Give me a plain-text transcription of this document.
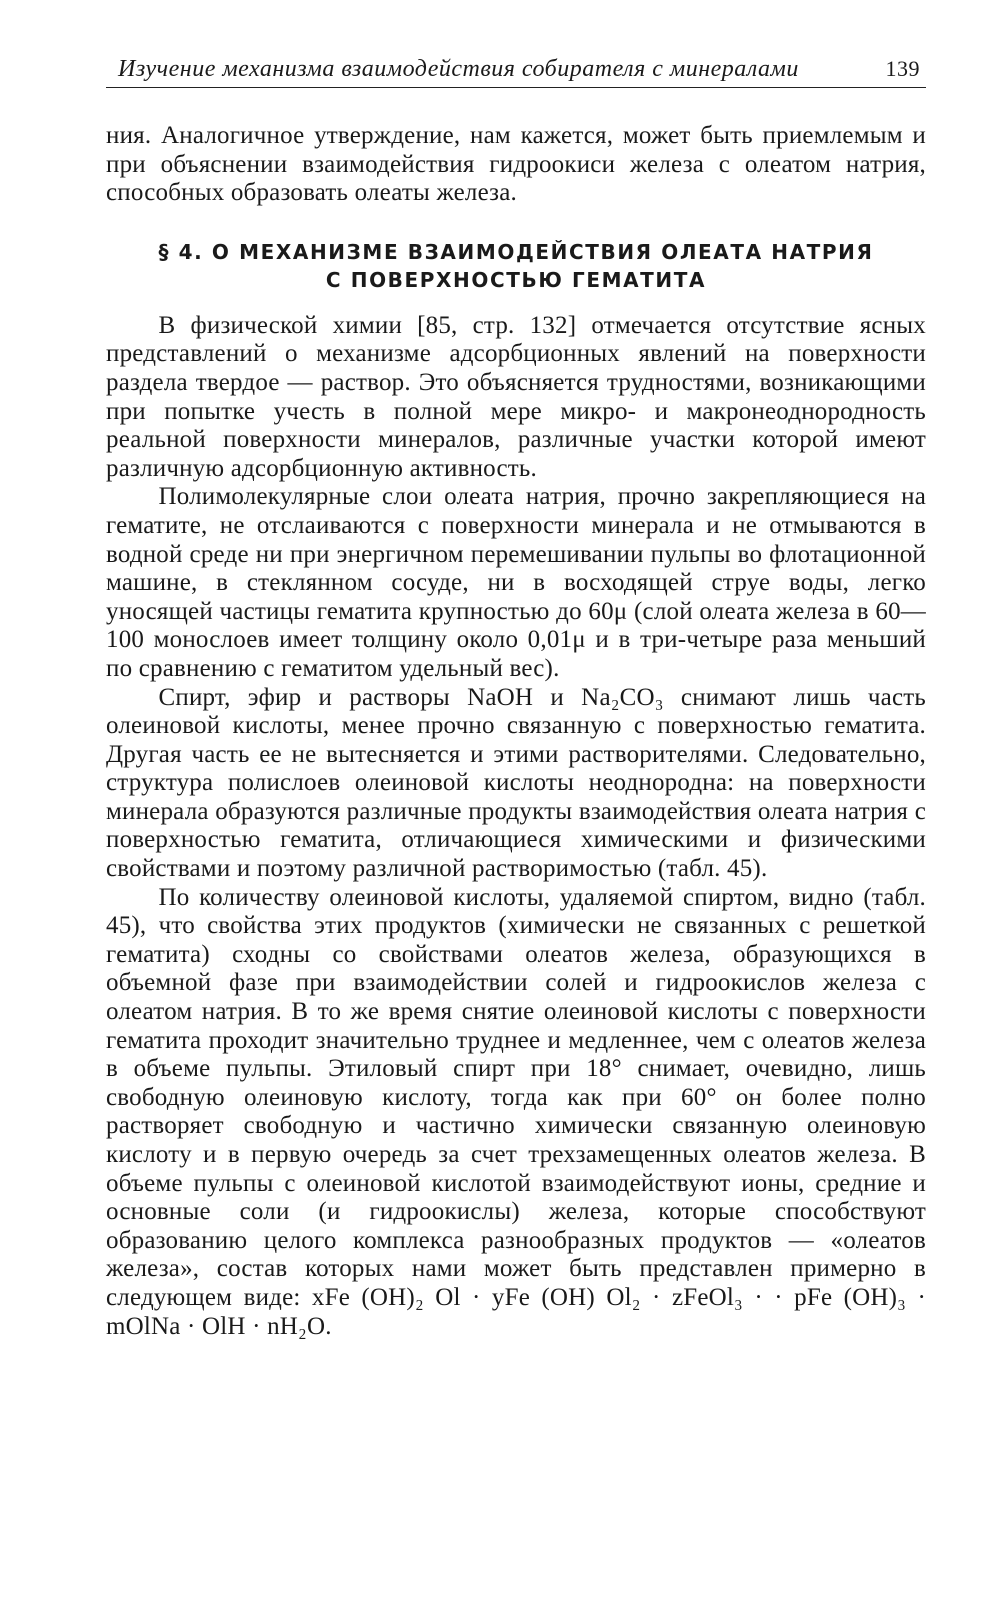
Изучение механизма взаимодействия собирателя с минералами	139

ния. Аналогичное утверждение, нам кажется, может быть приемлемым и при объяснении взаимодействия гидроокиси железа с олеатом натрия, способных образовать олеаты железа.

§ 4. О МЕХАНИЗМЕ ВЗАИМОДЕЙСТВИЯ ОЛЕАТА НАТРИЯ
С ПОВЕРХНОСТЬЮ ГЕМАТИТА

В физической химии [85, стр. 132] отмечается отсутствие ясных представлений о механизме адсорбционных явлений на поверхности раздела твердое — раствор. Это объясняется трудностями, возникающими при попытке учесть в полной мере микро- и макронеоднородность реальной поверхности минералов, различные участки которой имеют различную адсорбционную активность.

Полимолекулярные слои олеата натрия, прочно закрепляющиеся на гематите, не отслаиваются с поверхности минерала и не отмываются в водной среде ни при энергичном перемешивании пульпы во флотационной машине, в стеклянном сосуде, ни в восходящей струе воды, легко уносящей частицы гематита крупностью до 60μ (слой олеата железа в 60—100 монослоев имеет толщину около 0,01μ и в три-четыре раза меньший по сравнению с гематитом удельный вес).

Спирт, эфир и растворы NaOH и Na₂CO₃ снимают лишь часть олеиновой кислоты, менее прочно связанную с поверхностью гематита. Другая часть ее не вытесняется и этими растворителями. Следовательно, структура полислоев олеиновой кислоты неоднородна: на поверхности минерала образуются различные продукты взаимодействия олеата натрия с поверхностью гематита, отличающиеся химическими и физическими свойствами и поэтому различной растворимостью (табл. 45).

По количеству олеиновой кислоты, удаляемой спиртом, видно (табл. 45), что свойства этих продуктов (химически не связанных с решеткой гематита) сходны со свойствами олеатов железа, образующихся в объемной фазе при взаимодействии солей и гидроокислов железа с олеатом натрия. В то же время снятие олеиновой кислоты с поверхности гематита проходит значительно труднее и медленнее, чем с олеатов железа в объеме пульпы. Этиловый спирт при 18° снимает, очевидно, лишь свободную олеиновую кислоту, тогда как при 60° он более полно растворяет свободную и частично химически связанную олеиновую кислоту и в первую очередь за счет трехзамещенных олеатов железа. В объеме пульпы с олеиновой кислотой взаимодействуют ионы, средние и основные соли (и гидроокислы) железа, которые способствуют образованию целого комплекса разнообразных продуктов — «олеатов железа», состав которых нами может быть представлен примерно в следующем виде: xFe (OH)₂ Ol · yFe (OH) Ol₂ · zFeOl₃ · · pFe (OH)₃ · mOlNa · OlH · nH₂O.
